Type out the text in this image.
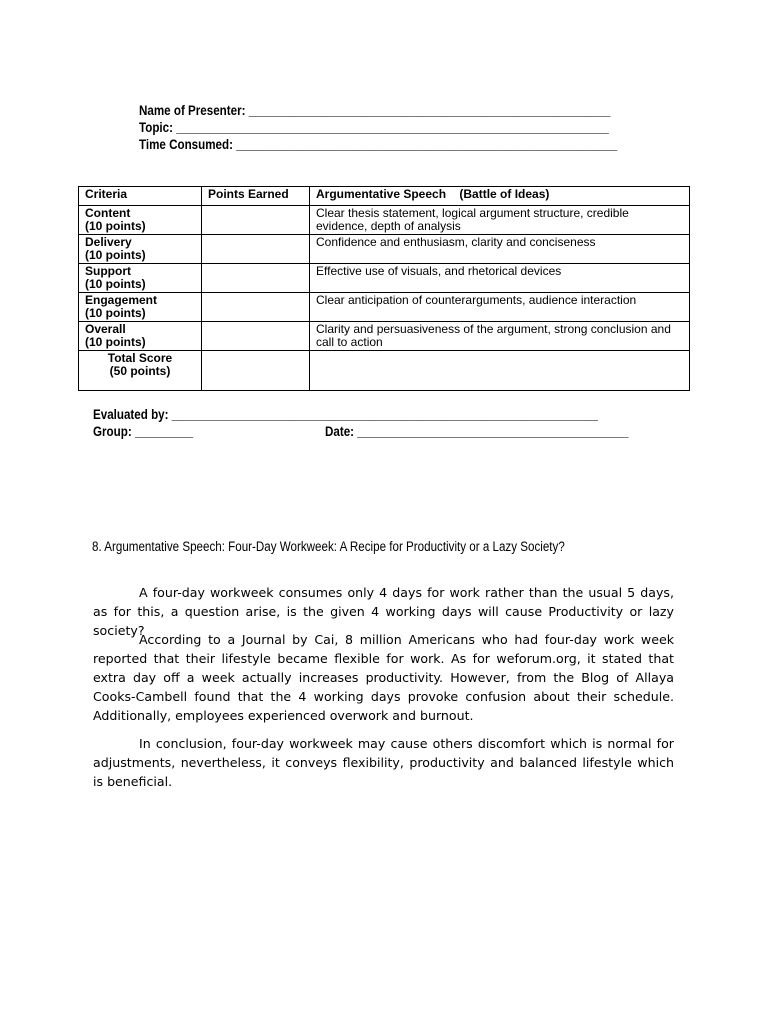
Name of Presenter: ________________________________________________________
Topic: ___________________________________________________________________
Time Consumed: ___________________________________________________________
Criteria	Points Earned	Argumentative Speech    (Battle of Ideas)

Content
(10 points)		Clear thesis statement, logical argument structure, credible evidence, depth of analysis

Delivery
(10 points)		Confidence and enthusiasm, clarity and conciseness

Support
(10 points)		Effective use of visuals, and rhetorical devices

Engagement
(10 points)		Clear anticipation of counterarguments, audience interaction

Overall
(10 points)		Clarity and persuasiveness of the argument, strong conclusion and call to action

Total Score
(50 points)		

Evaluated by: __________________________________________________________________
Group: _________	Date: __________________________________________
8. Argumentative Speech: Four-Day Workweek: A Recipe for Productivity or a Lazy Society?

A four-day workweek consumes only 4 days for work rather than the usual 5 days, as for this, a question arise, is the given 4 working days will cause Productivity or lazy society?

According to a Journal by Cai, 8 million Americans who had four-day work week reported that their lifestyle became flexible for work. As for weforum.org, it stated that extra day off a week actually increases productivity. However, from the Blog of Allaya Cooks-Cambell found that the 4 working days provoke confusion about their schedule. Additionally, employees experienced overwork and burnout.

In conclusion, four-day workweek may cause others discomfort which is normal for adjustments, nevertheless, it conveys flexibility, productivity and balanced lifestyle which is beneficial.
